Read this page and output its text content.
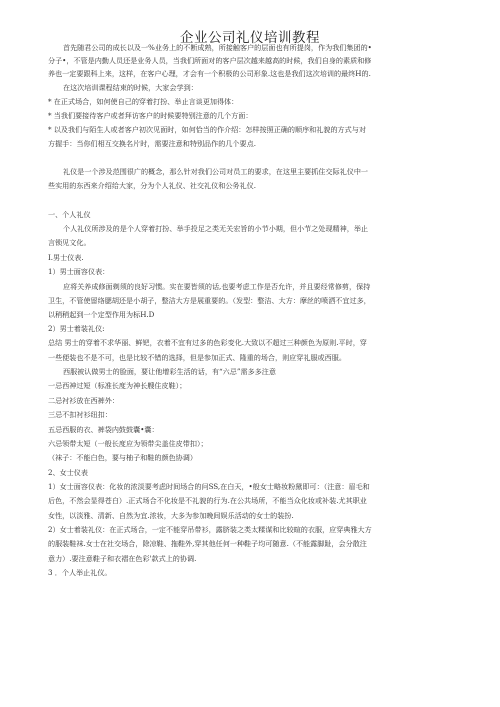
企业公司礼仪培训教程
首先随君公司的成长以及一%业务上的不断成熟，所接触客户的层面也有所提岗，作为我们集团的•
分子•，不管是内勤人员还是业务人员，当我们所面对的客户层次越来越高的时候，我们自身的素质和修
养也一定要跟科上来，这样，在客户心理，才会有一个积极的公司形象.这也是我们这次培训的最终H的.
在这次培训课程结束的时候，大家会学到：
* 在正式场合，如何使自己的穿着打扮、举止言谈更加得体：
* 当我们要接待客户或者拜访客户的时候要特别注意的几个方面：
* 以及我们与陌生人或者客户初次见面时，如何恰当的作介绍：怎样按照正确的顺序和礼貌的方式与对
方握手：当你们相互交换名片时，需要注意和特别品作的几个要点.
礼仪是一个涉及范围很广的概念，那么针对我们公司对员工的要求，在这里主要抓住交际礼仪中一
些实用的东西来介绍给大家，分为个人礼仪、社交礼仪和公务礼仪.
一、个人礼仪
个人礼仪所涉及的是个人穿着打扮、举手投足之类无关宏旨的小节小期，但小节之处现精神，举止
言锁见文化。
I.男士仪表.
1）男士面容仪表：
应将关养成修面剃须的良好习惯。实在要皆须的话,也要考虑工作是否允许，并且要经常修剪，保持
卫生，不管使留络腮胡还是小胡子，整洁大方是展重要的。（发型：整洁、大方：摩丝的喷洒不宜过多，
以稍稍起到一个定型作用为标H.D
2）男士着装礼仪:
总结 男士的穿着不求华丽、鲜钯，衣着不宜有过多的色彩变化.大致以不超过三种颜色为原则.平时，穿
一些便装也不是不可，也是比较不错的选择，但是参加正式、隆重的场合，则应穿礼服或西服。
西服被认做男士的脸面，要让他增彩生活的话，有“六忌”需多多注意
一忌西神过短（标准长度为神长艘住皮鞋）；
二忌衬衫放在西裤外：
三忌不扣衬衫纽扣：
五忌西服的衣、裤袋内鼓鼓囊•囊：
六忌领带太短（一般长度应为领带尖盖住皮带扣）；
（袜子：不能白色，要与柚子和鞋的颜色协调）
2、女士仪表
1）女士面容仪表：化妆的浓淡要考虑时间场合的问SS,在白天，•般女士略妆粉黛即可：（注意：眉毛和
后色，不然会显得苍白）.正式场合不化妆是不礼貌的行为.在公共场所，不能当众化妆或补装.尤其职业
女性，以淡雅、清新、自然为宜.浓妆，大多为参加晚间娱乐活动的女士的装扮.
2）女士着装礼仪：在正式场合，一定不能穿吊带衫，露脐装之类太糅谋和比较暄的衣服，应穿典雅大方
的服装鞋袜.女士在社交场合，除凉鞋、拖鞋外,穿其他任何一种鞋子均可随意.（不能露脚趾，会分散注
意力）.要注意鞋子和衣褶在色彩'款式上的协调.
3 ．个人举止礼仪。
